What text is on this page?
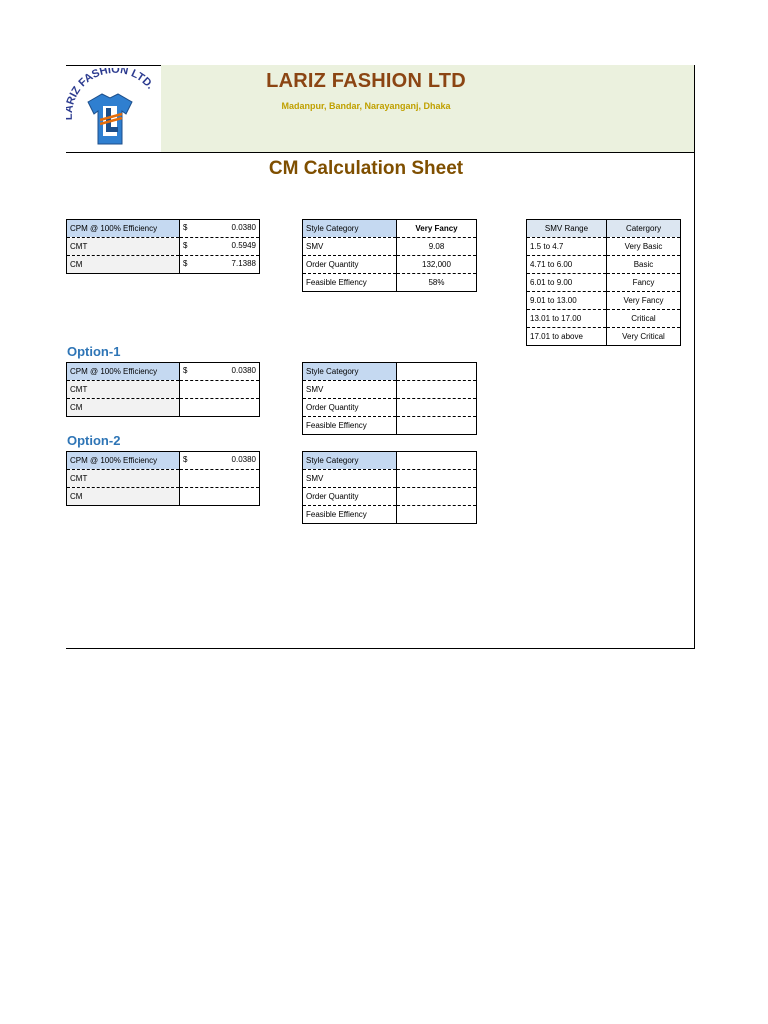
IZ FASHION LTD.	LARIZ FASHION LTD
Madanpur, Bandar, Narayanganj, Dhaka
CM Calculation Sheet
CPM @ 100% Efficiency	$ 0.0380

CMT	$ 0.5949

CM	$ 7.1388
Style Category	Very Fancy
SMV	9.08
Order Quantity	132,000
Feasible Effiency	58%
SMV Range	Catergory
1.5 to 4.7	Very Basic
4.71 to 6.00	Basic
6.01 to 9.00	Fancy
9.01 to 13.00	Very Fancy
13.01 to 17.00	Critical
17.01 to above	Very Critical
Option-1
CPM @ 100% Efficiency	$ 0.0380

CMT	

CM	
Style Category	
SMV	
Order Quantity	
Feasible Effiency	
Option-2
CPM @ 100% Efficiency	$ 0.0380

CMT	

CM	
Style Category	
SMV	
Order Quantity	
Feasible Effiency	
